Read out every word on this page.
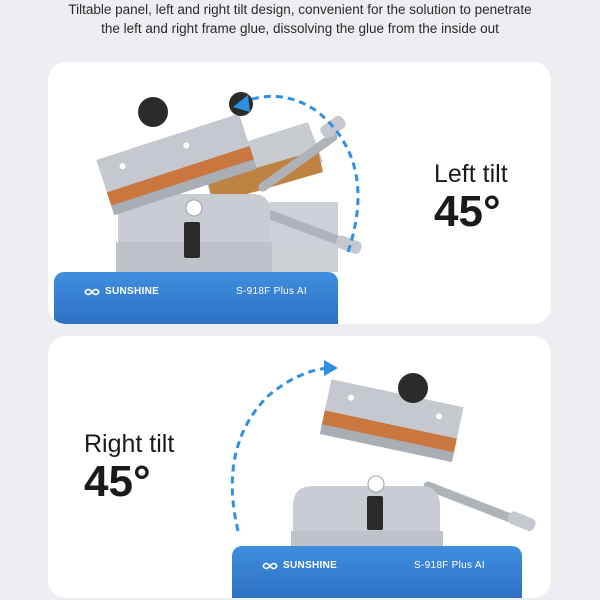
Tiltable panel, left and right tilt design, convenient for the solution to penetrate
the left and right frame glue, dissolving the glue from the inside out
Left tilt
45°
SUNSHINE	S-918F Plus AI
Right tilt
45°
SUNSHINE	S-918F Plus AI
